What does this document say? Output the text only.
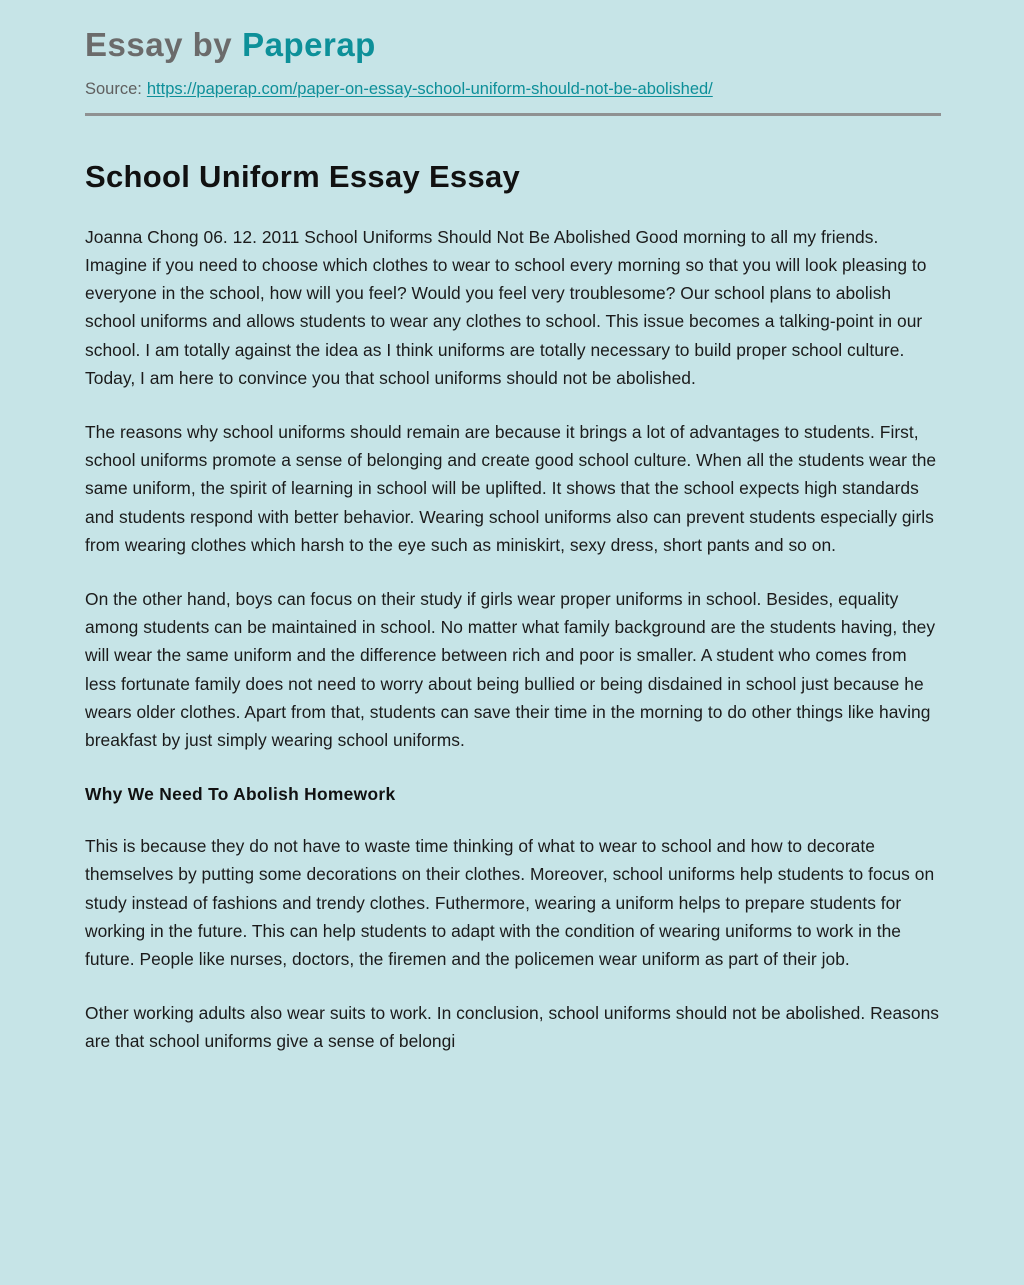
Essay by Paperap
Source: https://paperap.com/paper-on-essay-school-uniform-should-not-be-abolished/
School Uniform Essay Essay

Joanna Chong 06. 12. 2011 School Uniforms Should Not Be Abolished Good morning to all my friends. Imagine if you need to choose which clothes to wear to school every morning so that you will look pleasing to everyone in the school, how will you feel? Would you feel very troublesome? Our school plans to abolish school uniforms and allows students to wear any clothes to school. This issue becomes a talking-point in our school. I am totally against the idea as I think uniforms are totally necessary to build proper school culture. Today, I am here to convince you that school uniforms should not be abolished.

The reasons why school uniforms should remain are because it brings a lot of advantages to students. First, school uniforms promote a sense of belonging and create good school culture. When all the students wear the same uniform, the spirit of learning in school will be uplifted. It shows that the school expects high standards and students respond with better behavior. Wearing school uniforms also can prevent students especially girls from wearing clothes which harsh to the eye such as miniskirt, sexy dress, short pants and so on.

On the other hand, boys can focus on their study if girls wear proper uniforms in school. Besides, equality among students can be maintained in school. No matter what family background are the students having, they will wear the same uniform and the difference between rich and poor is smaller. A student who comes from less fortunate family does not need to worry about being bullied or being disdained in school just because he wears older clothes. Apart from that, students can save their time in the morning to do other things like having breakfast by just simply wearing school uniforms.

Why We Need To Abolish Homework

This is because they do not have to waste time thinking of what to wear to school and how to decorate themselves by putting some decorations on their clothes. Moreover, school uniforms help students to focus on study instead of fashions and trendy clothes. Futhermore, wearing a uniform helps to prepare students for working in the future. This can help students to adapt with the condition of wearing uniforms to work in the future. People like nurses, doctors, the firemen and the policemen wear uniform as part of their job.

Other working adults also wear suits to work. In conclusion, school uniforms should not be abolished. Reasons are that school uniforms give a sense of belongi
